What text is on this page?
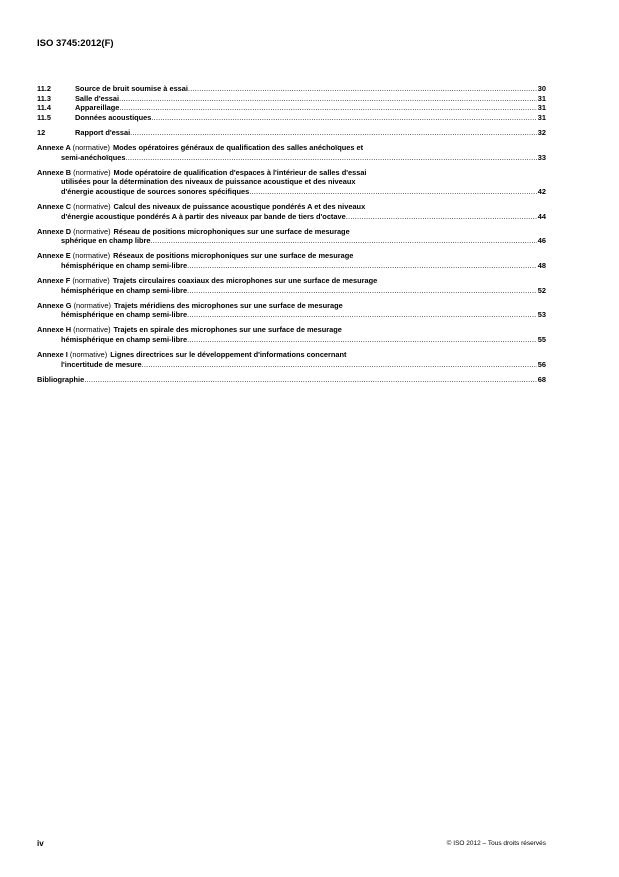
ISO 3745:2012(F)
11.2	Source de bruit soumise à essai .....	30
11.3	Salle d'essai .....	31
11.4	Appareillage .....	31
11.5	Données acoustiques .....	31
12	Rapport d'essai .....	32
Annexe A (normative) Modes opératoires généraux de qualification des salles anéchoïques et
semi-anéchoïques .....	33
Annexe B (normative) Mode opératoire de qualification d'espaces à l'intérieur de salles d'essai
utilisées pour la détermination des niveaux de puissance acoustique et des niveaux
d'énergie acoustique de sources sonores spécifiques .....	42
Annexe C (normative) Calcul des niveaux de puissance acoustique pondérés A et des niveaux
d'énergie acoustique pondérés A à partir des niveaux par bande de tiers d'octave .....	44
Annexe D (normative) Réseau de positions microphoniques sur une surface de mesurage
sphérique en champ libre .....	46
Annexe E (normative) Réseaux de positions microphoniques sur une surface de mesurage
hémisphérique en champ semi-libre .....	48
Annexe F (normative) Trajets circulaires coaxiaux des microphones sur une surface de mesurage
hémisphérique en champ semi-libre .....	52
Annexe G (normative) Trajets méridiens des microphones sur une surface de mesurage
hémisphérique en champ semi-libre .....	53
Annexe H (normative) Trajets en spirale des microphones sur une surface de mesurage
hémisphérique en champ semi-libre .....	55
Annexe I (normative) Lignes directrices sur le développement d'informations concernant
l'incertitude de mesure .....	56
Bibliographie .....	68
iv	© ISO 2012 – Tous droits réservés
